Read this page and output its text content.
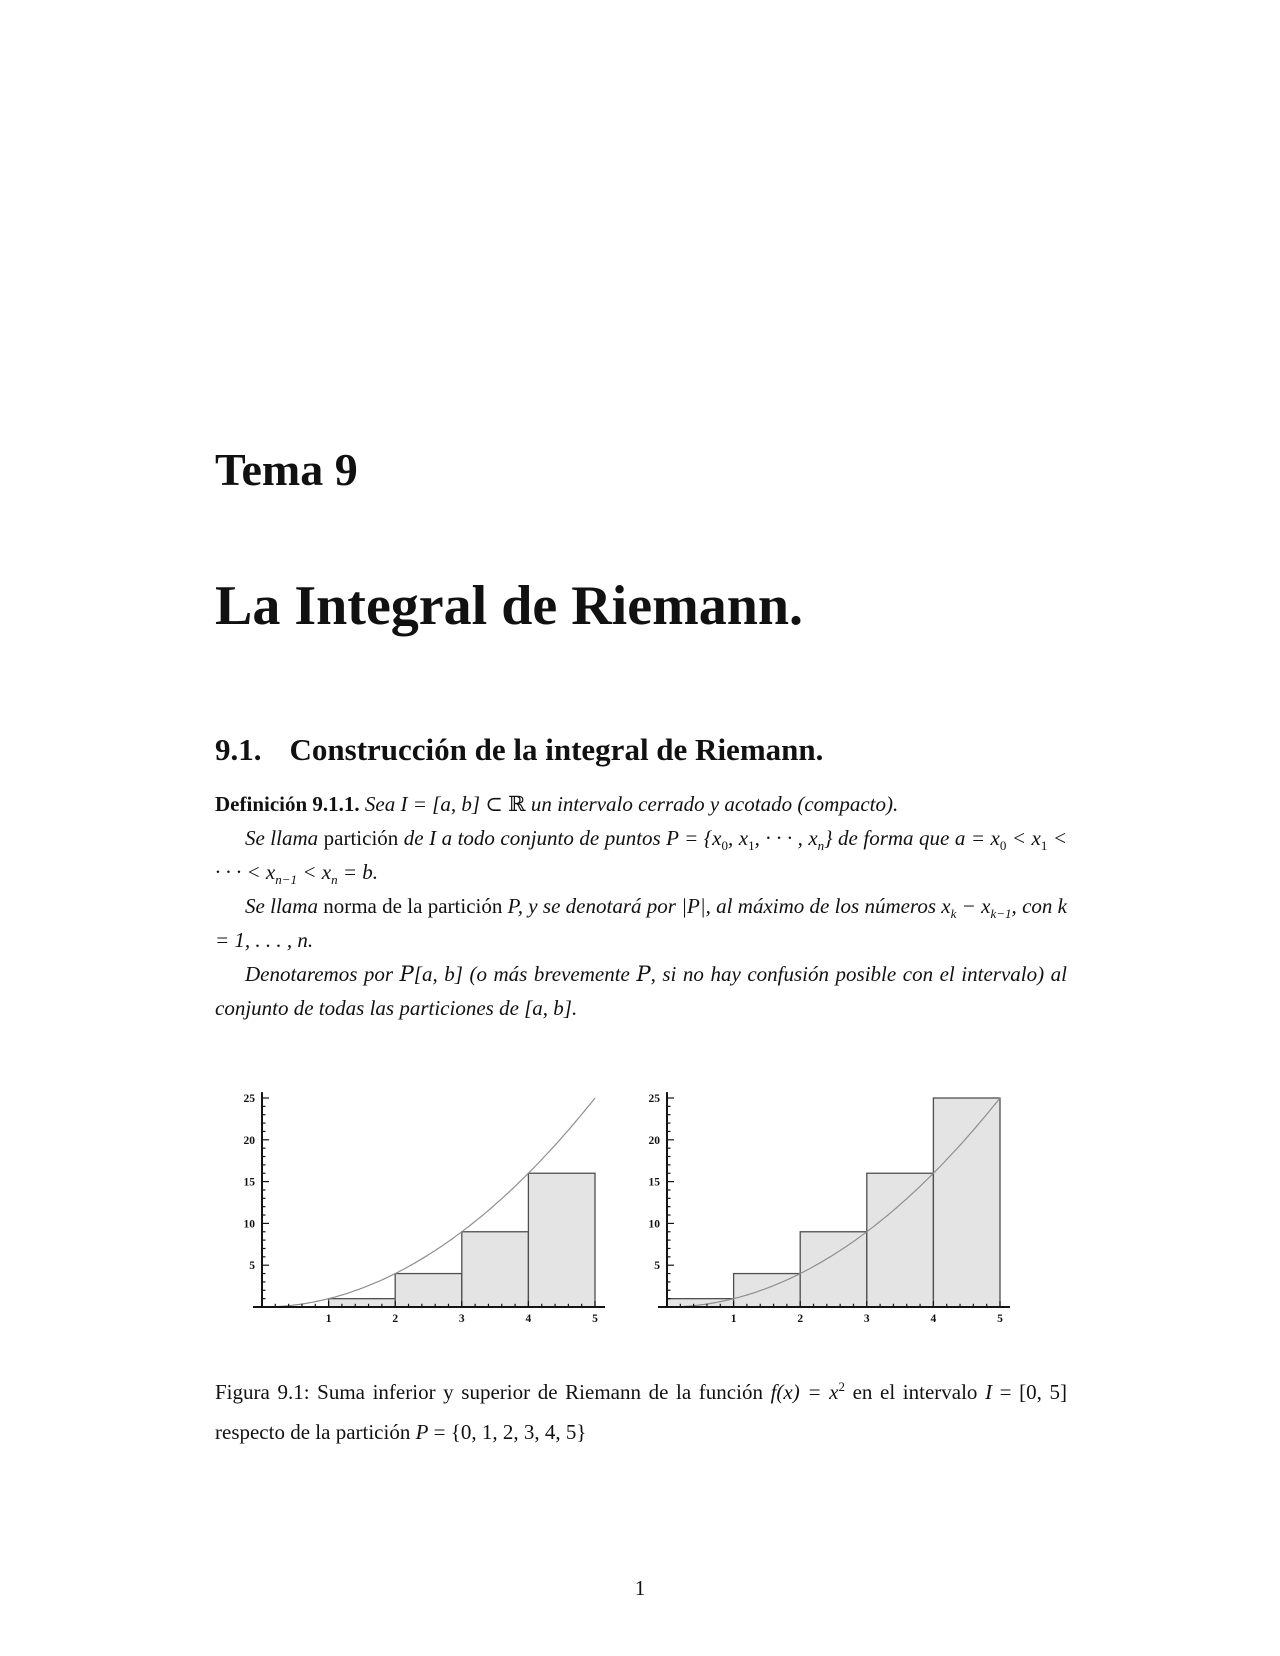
Tema 9
La Integral de Riemann.
9.1. Construcción de la integral de Riemann.

Definición 9.1.1. Sea I = [a, b] ⊂ ℝ un intervalo cerrado y acotado (compacto).

Se llama partición de I a todo conjunto de puntos $P = \{x_0$, $x_1$, · · · , $x_n$} de forma que $a = x_0 < x_1$ < · · · < $x_{n-1} < x_n = b$.

Se llama norma de la partición P, y se denotará por |P|, al máximo de los números $x_k - x_{k-1}$, con k = 1, . . . , n.

Denotaremos por P[a, b] (o más brevemente P, si no hay confusión posible con el intervalo) al conjunto de todas las particiones de [a, b].

1	2	3	4	5
5
10
15
20
25
1	2	3	4	5
5
10
15
20
25
Figura 9.1: Suma inferior y superior de Riemann de la función $f(x) = x^2$ en el intervalo I = [0, 5] respecto de la partición P = {0, 1, 2, 3, 4, 5}
1
